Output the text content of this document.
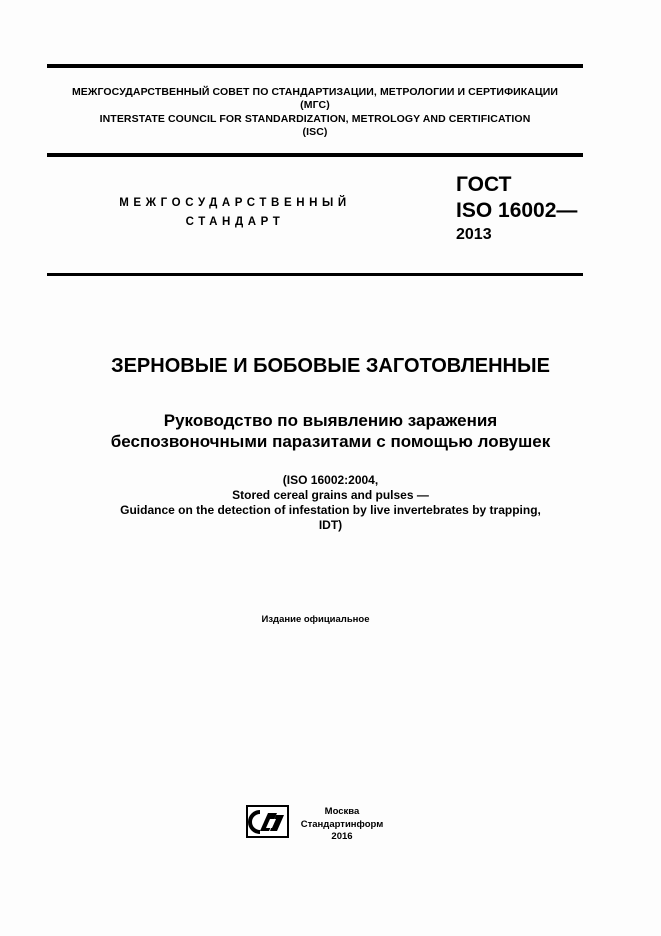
МЕЖГОСУДАРСТВЕННЫЙ СОВЕТ ПО СТАНДАРТИЗАЦИИ, МЕТРОЛОГИИ И СЕРТИФИКАЦИИ
(МГС)
INTERSTATE COUNCIL FOR STANDARDIZATION, METROLOGY AND CERTIFICATION
(ISC)
МЕЖГОСУДАРСТВЕННЫЙ
СТАНДАРТ
ГОСТ
ISO 16002—
2013
ЗЕРНОВЫЕ И БОБОВЫЕ ЗАГОТОВЛЕННЫЕ
Руководство по выявлению заражения
беспозвоночными паразитами с помощью ловушек
(ISO 16002:2004,
Stored cereal grains and pulses —
Guidance on the detection of infestation by live invertebrates by trapping,
IDT)
Издание официальное
Москва
Стандартинформ
2016
